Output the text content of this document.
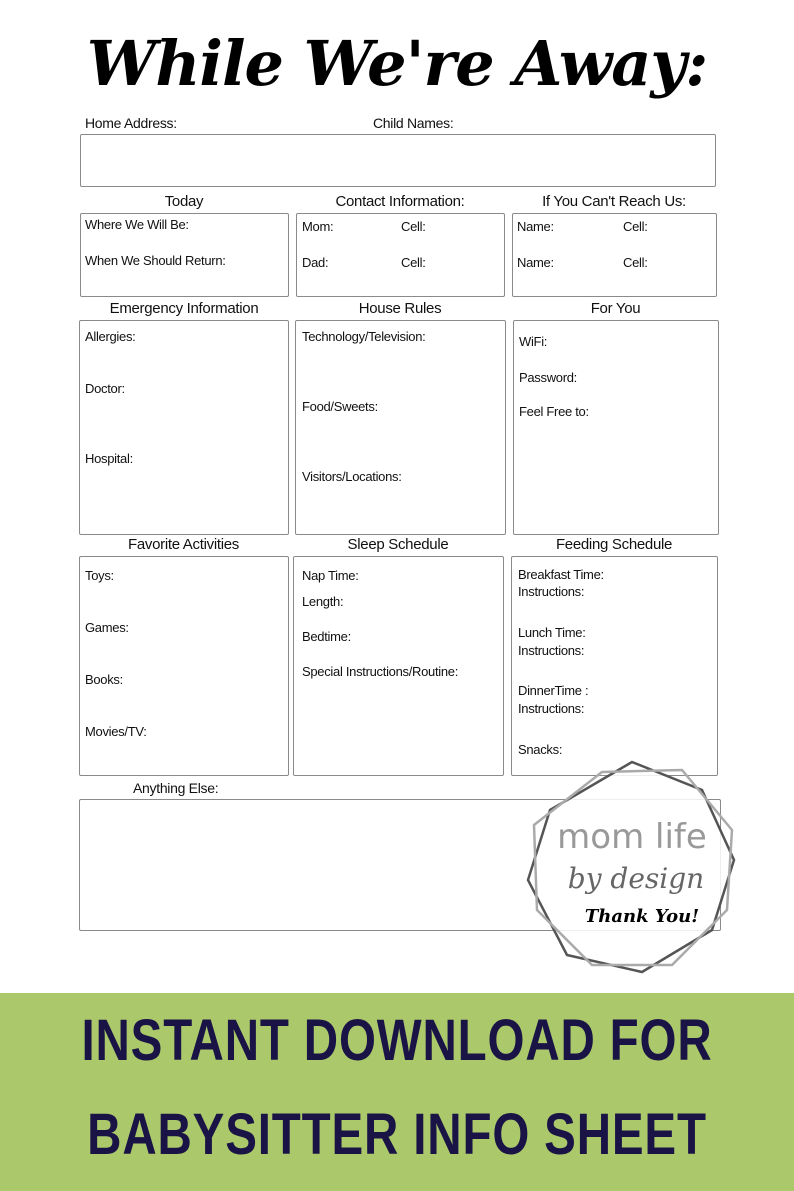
While We're Away:
Home Address:	Child Names:
Today	Contact Information:	If You Can't Reach Us:
Where We Will Be:
When We Should Return:
Mom:	Cell:
Dad:	Cell:
Name:	Cell:
Name:	Cell:
Emergency Information	House Rules	For You
Allergies:
Doctor:
Hospital:
Technology/Television:
Food/Sweets:
Visitors/Locations:
WiFi:
Password:
Feel Free to:
Favorite Activities	Sleep Schedule	Feeding Schedule
Toys:
Games:
Books:
Movies/TV:
Nap Time:
Length:
Bedtime:
Special Instructions/Routine:
Breakfast Time:
Instructions:
Lunch Time:
Instructions:
DinnerTime :
Instructions:
Snacks:
Anything Else:
mom life
by design
Thank You!
INSTANT DOWNLOAD FOR
BABYSITTER INFO SHEET
